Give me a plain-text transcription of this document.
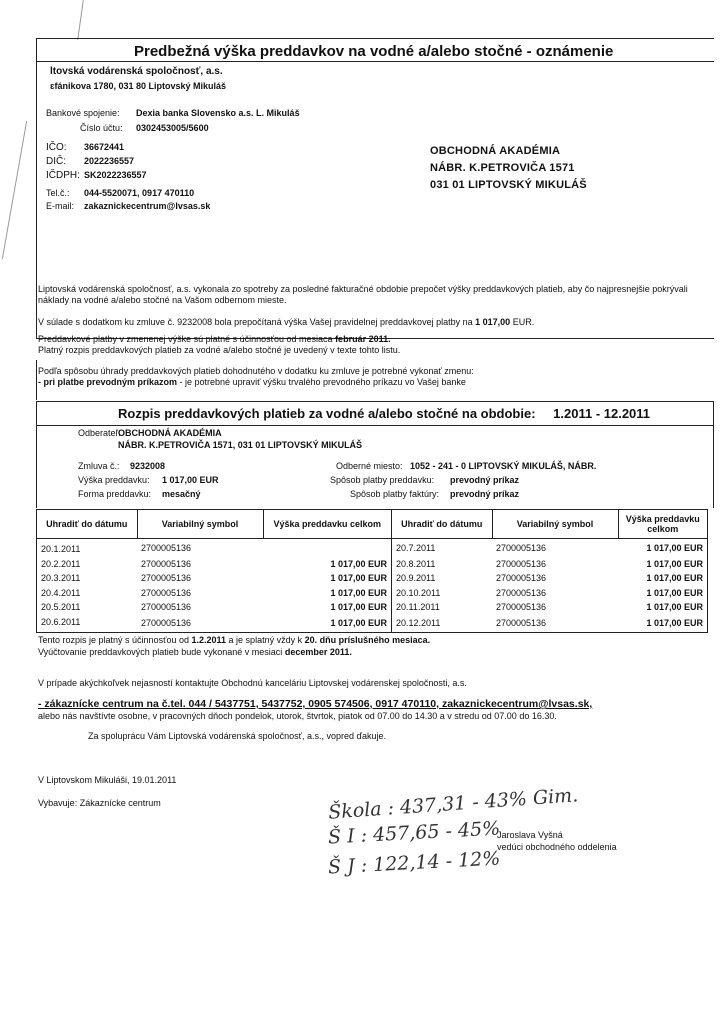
Predbežná výška preddavkov na vodné a/alebo stočné - oznámenie
ltovská vodárenská spoločnosť, a.s.
ɛfánikova 1780, 031 80 Liptovský Mikuláš
Bankové spojenie: Dexia banka Slovensko a.s. L. Mikuláš
Číslo účtu: 0302453005/5600
IČO: 36672441
DIČ: 2022236557
IČDPH: SK2022236557
Tel.č.: 044-5520071, 0917 470110
E-mail: zakaznickecentrum@lvsas.sk
OBCHODNÁ AKADÉMIA
NÁBR. K.PETROVIČA 1571
031 01 LIPTOVSKÝ MIKULÁŠ
Liptovská vodárenská spoločnosť, a.s. vykonala zo spotreby za posledné fakturačné obdobie prepočet výšky preddavkových platieb, aby čo najpresnejšie pokrývali náklady na vodné a/alebo stočné na Vašom odbernom mieste.
V súlade s dodatkom ku zmluve č. 9232008 bola prepočítaná výška Vašej pravidelnej preddavkovej platby na 1 017,00 EUR.
Preddavkové platby v zmenenej výške sú platné s účinnosťou od mesiaca február 2011.
Platný rozpis preddavkových platieb za vodné a/alebo stočné je uvedený v texte tohto listu.
Podľa spôsobu úhrady preddavkových platieb dohodnutého v dodatku ku zmluve je potrebné vykonať zmenu:
- pri platbe prevodným príkazom - je potrebné upraviť výšku trvalého prevodného príkazu vo Vašej banke
Rozpis preddavkových platieb za vodné a/alebo stočné na obdobie: 1.2011 - 12.2011
Odberateľ:
OBCHODNÁ AKADÉMIA
NÁBR. K.PETROVIČA 1571, 031 01 LIPTOVSKÝ MIKULÁŠ
Zmluva č.: 9232008
Výška preddavku: 1 017,00 EUR
Forma preddavku: mesačný
Odberné miesto: 1052 - 241 - 0 LIPTOVSKÝ MIKULÁŠ, NÁBR.
Spôsob platby preddavku: prevodný príkaz
Spôsob platby faktúry: prevodný príkaz
Uhradiť do dátumu	Variabilný symbol	Výška preddavku celkom	Uhradiť do dátumu	Variabilný symbol	Výška preddavku celkom
20.1.2011	2700005136		20.7.2011	2700005136	1 017,00 EUR
20.2.2011	2700005136	1 017,00 EUR	20.8.2011	2700005136	1 017,00 EUR
20.3.2011	2700005136	1 017,00 EUR	20.9.2011	2700005136	1 017,00 EUR
20.4.2011	2700005136	1 017,00 EUR	20.10.2011	2700005136	1 017,00 EUR
20.5.2011	2700005136	1 017,00 EUR	20.11.2011	2700005136	1 017,00 EUR
20.6.2011	2700005136	1 017,00 EUR	20.12.2011	2700005136	1 017,00 EUR
Tento rozpis je platný s účinnosťou od 1.2.2011 a je splatný vždy k 20. dňu príslušného mesiaca.
Vyúčtovanie preddavkových platieb bude vykonané v mesiaci december 2011.
V prípade akýchkoľvek nejasností kontaktujte Obchodnú kanceláriu Liptovskej vodárenskej spoločnosti, a.s.
- zákaznícke centrum na č.tel. 044 / 5437751, 5437752, 0905 574506, 0917 470110, zakaznickecentrum@lvsas.sk,
alebo nás navštívte osobne, v pracovných dňoch pondelok, utorok, štvrtok, piatok od 07.00 do 14.30 a v stredu od 07.00 do 16.30.
Za spoluprácu Vám Liptovská vodárenská spoločnosť, a.s., vopred ďakuje.
V Liptovskom Mikuláši, 19.01.2011
Vybavuje: Zákaznícke centrum
Jaroslava Vyšná
vedúci obchodného oddelenia
Škola : 437,31 - 43% Gim.
Š I : 457,65 - 45%
Š J : 122,14 - 12%
